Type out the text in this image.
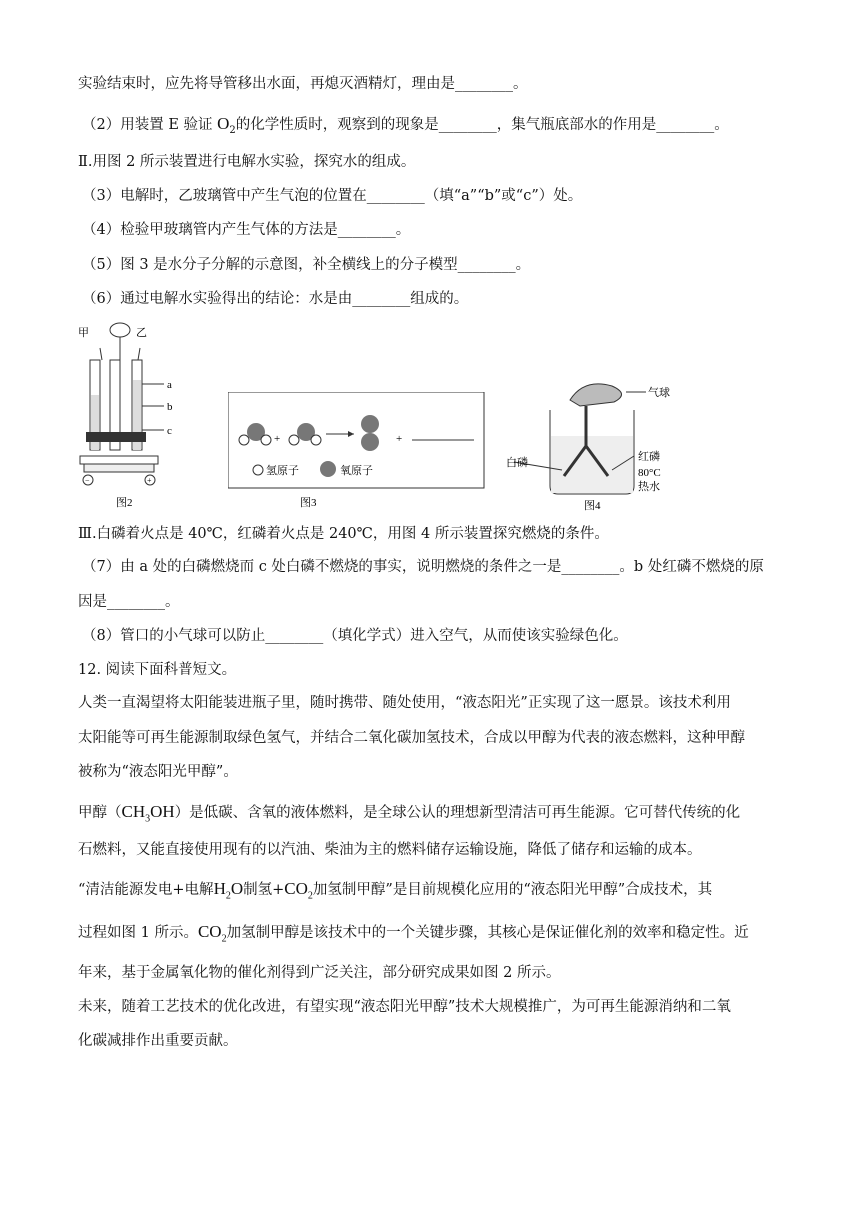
实验结束时，应先将导管移出水面，再熄灭酒精灯，理由是________。
（2）用装置 E 验证 $O_2$的化学性质时，观察到的现象是________，集气瓶底部水的作用是________。
Ⅱ.用图 2 所示装置进行电解水实验，探究水的组成。
（3）电解时，乙玻璃管中产生气泡的位置在________（填“a”“b”或“c”）处。
（4）检验甲玻璃管内产生气体的方法是________。
（5）图 3 是水分子分解的示意图，补全横线上的分子模型________。
（6）通过电解水实验得出的结论：水是由________组成的。
甲	乙
a
b
c
−	+
图2
+	+
氢原子	氧原子
图3
气球
白磷	红磷
80°C
热水
图4
Ⅲ.白磷着火点是 40℃，红磷着火点是 240℃，用图 4 所示装置探究燃烧的条件。
（7）由 a 处的白磷燃烧而 c 处白磷不燃烧的事实，说明燃烧的条件之一是________。b 处红磷不燃烧的原
因是________。
（8）管口的小气球可以防止________（填化学式）进入空气，从而使该实验绿色化。
12. 阅读下面科普短文。
人类一直渴望将太阳能装进瓶子里，随时携带、随处使用，“液态阳光”正实现了这一愿景。该技术利用
太阳能等可再生能源制取绿色氢气，并结合二氧化碳加氢技术，合成以甲醇为代表的液态燃料，这种甲醇
被称为“液态阳光甲醇”。
甲醇$(CH_3OH)$是低碳、含氧的液体燃料，是全球公认的理想新型清洁可再生能源。它可替代传统的化
石燃料，又能直接使用现有的以汽油、柴油为主的燃料储存运输设施，降低了储存和运输的成本。
“清洁能源发电+电解$H_2O$制氢$+CO_2$加氢制甲醇”是目前规模化应用的“液态阳光甲醇”合成技术，其
过程如图 1 所示。$CO_2$加氢制甲醇是该技术中的一个关键步骤，其核心是保证催化剂的效率和稳定性。近
年来，基于金属氧化物的催化剂得到广泛关注，部分研究成果如图 2 所示。
未来，随着工艺技术的优化改进，有望实现“液态阳光甲醇”技术大规模推广，为可再生能源消纳和二氧
化碳减排作出重要贡献。
